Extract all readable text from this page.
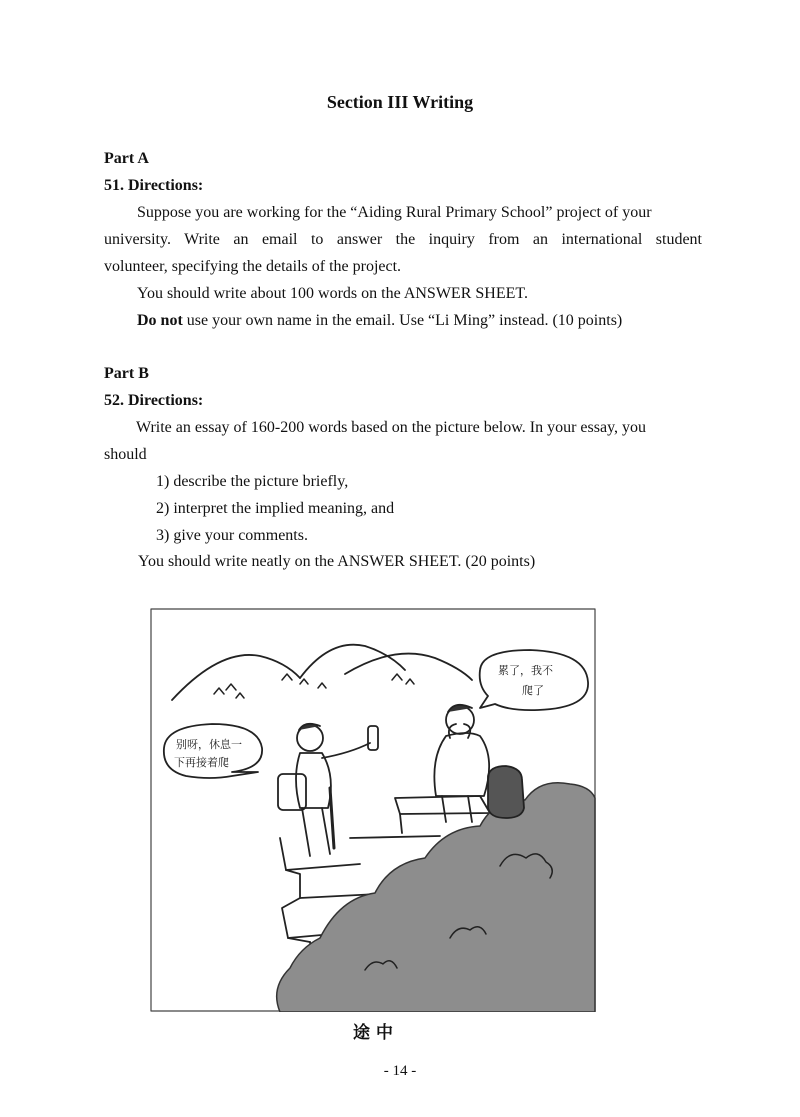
Section III Writing
Part A
51. Directions:
Suppose you are working for the “Aiding Rural Primary School” project of your
university. Write an email to answer the inquiry from an international student
volunteer, specifying the details of the project.
You should write about 100 words on the ANSWER SHEET.
Do not use your own name in the email. Use “Li Ming” instead. (10 points)
Part B
52. Directions:
Write an essay of 160-200 words based on the picture below. In your essay, you
should
1) describe the picture briefly,
2) interpret the implied meaning, and
3) give your comments.
You should write neatly on the ANSWER SHEET. (20 points)
累了，我不
爬了
别呀，休息一
下再接着爬
途 中
- 14 -
